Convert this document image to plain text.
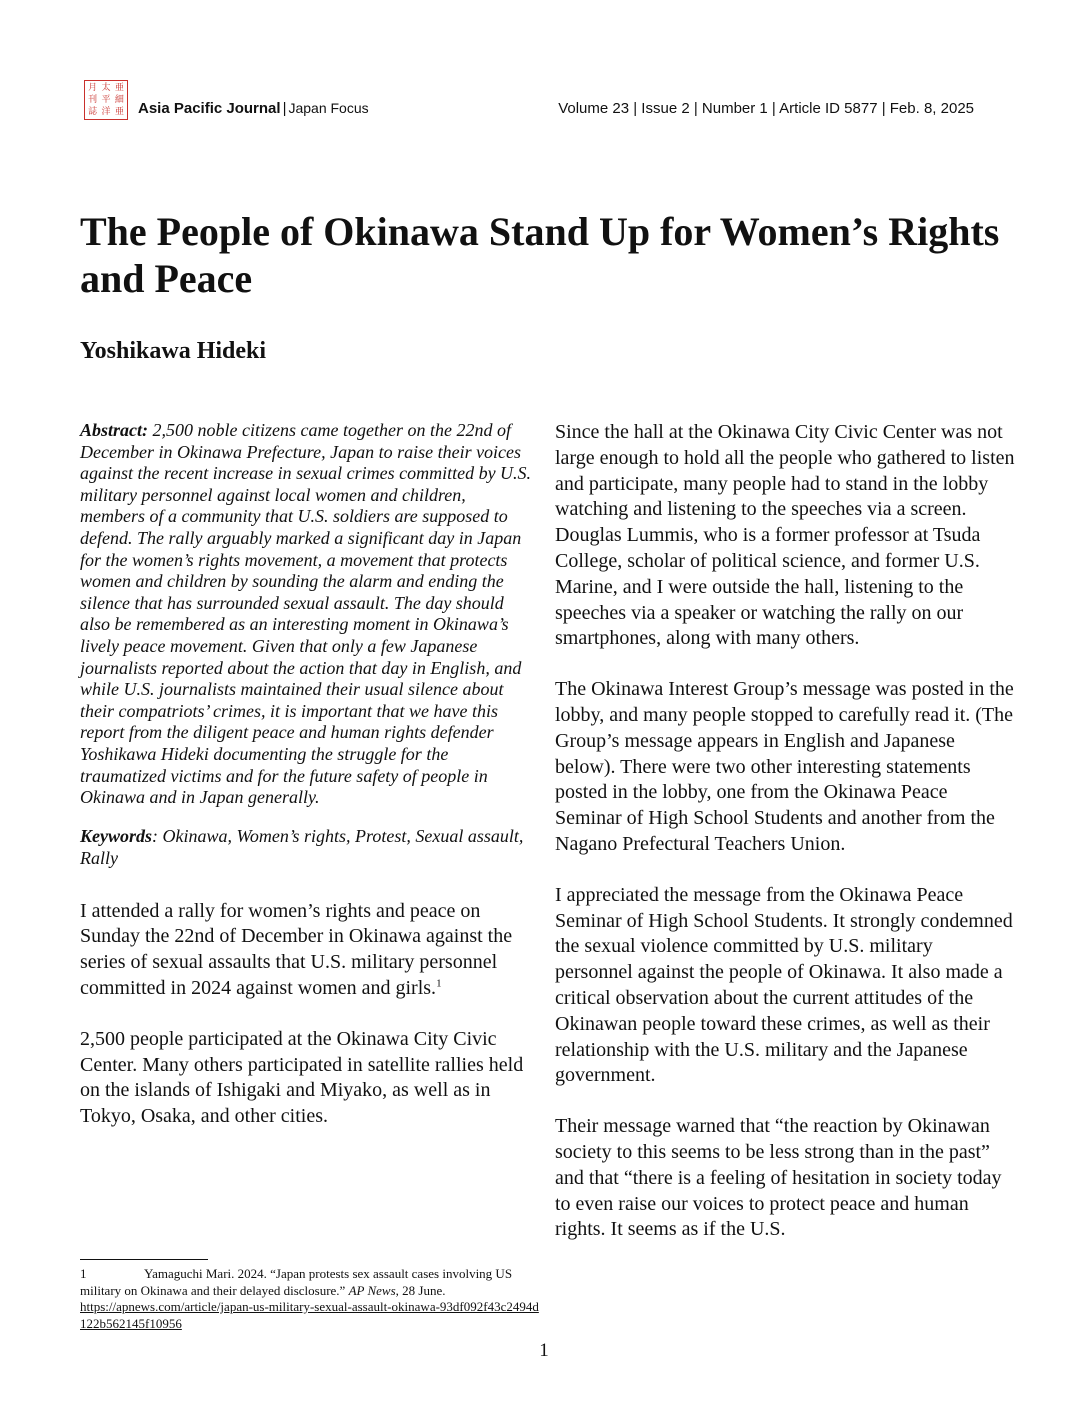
月 太 亜
刊 平 細
誌 洋 亜 Asia Pacific Journal | Japan Focus	Volume 23 | Issue 2 | Number 1 | Article ID 5877 | Feb. 8, 2025
The People of Okinawa Stand Up for Women’s Rights and Peace
Yoshikawa Hideki

Abstract: 2,500 noble citizens came together on the 22nd of December in Okinawa Prefecture, Japan to raise their voices against the recent increase in sexual crimes committed by U.S. military personnel against local women and children, members of a community that U.S. soldiers are supposed to defend. The rally arguably marked a significant day in Japan for the women’s rights movement, a movement that protects women and children by sounding the alarm and ending the silence that has surrounded sexual assault. The day should also be remembered as an interesting moment in Okinawa’s lively peace movement. Given that only a few Japanese journalists reported about the action that day in English, and while U.S. journalists maintained their usual silence about their compatriots’ crimes, it is important that we have this report from the diligent peace and human rights defender Yoshikawa Hideki documenting the struggle for the traumatized victims and for the future safety of people in Okinawa and in Japan generally.

Keywords: Okinawa, Women’s rights, Protest, Sexual assault, Rally

I attended a rally for women’s rights and peace on Sunday the 22nd of December in Okinawa against the series of sexual assaults that U.S. military personnel committed in 2024 against women and girls.$^1$

2,500 people participated at the Okinawa City Civic Center. Many others participated in satellite rallies held on the islands of Ishigaki and Miyako, as well as in Tokyo, Osaka, and other cities.

Since the hall at the Okinawa City Civic Center was not large enough to hold all the people who gathered to listen and participate, many people had to stand in the lobby watching and listening to the speeches via a screen. Douglas Lummis, who is a former professor at Tsuda College, scholar of political science, and former U.S. Marine, and I were outside the hall, listening to the speeches via a speaker or watching the rally on our smartphones, along with many others.

The Okinawa Interest Group’s message was posted in the lobby, and many people stopped to carefully read it. (The Group’s message appears in English and Japanese below). There were two other interesting statements posted in the lobby, one from the Okinawa Peace Seminar of High School Students and another from the Nagano Prefectural Teachers Union.

I appreciated the message from the Okinawa Peace Seminar of High School Students. It strongly condemned the sexual violence committed by U.S. military personnel against the people of Okinawa. It also made a critical observation about the current attitudes of the Okinawan people toward these crimes, as well as their relationship with the U.S. military and the Japanese government.

Their message warned that “the reaction by Okinawan society to this seems to be less strong than in the past” and that “there is a feeling of hesitation in society today to even raise our voices to protect peace and human rights. It seems as if the U.S.

1	Yamaguchi Mari. 2024. “Japan protests sex assault cases involving US military on Okinawa and their delayed disclosure.” AP News, 28 June.
https://apnews.com/article/japan-us-military-sexual-assault-okinawa-93df092f43c2494d122b562145f10956
1
